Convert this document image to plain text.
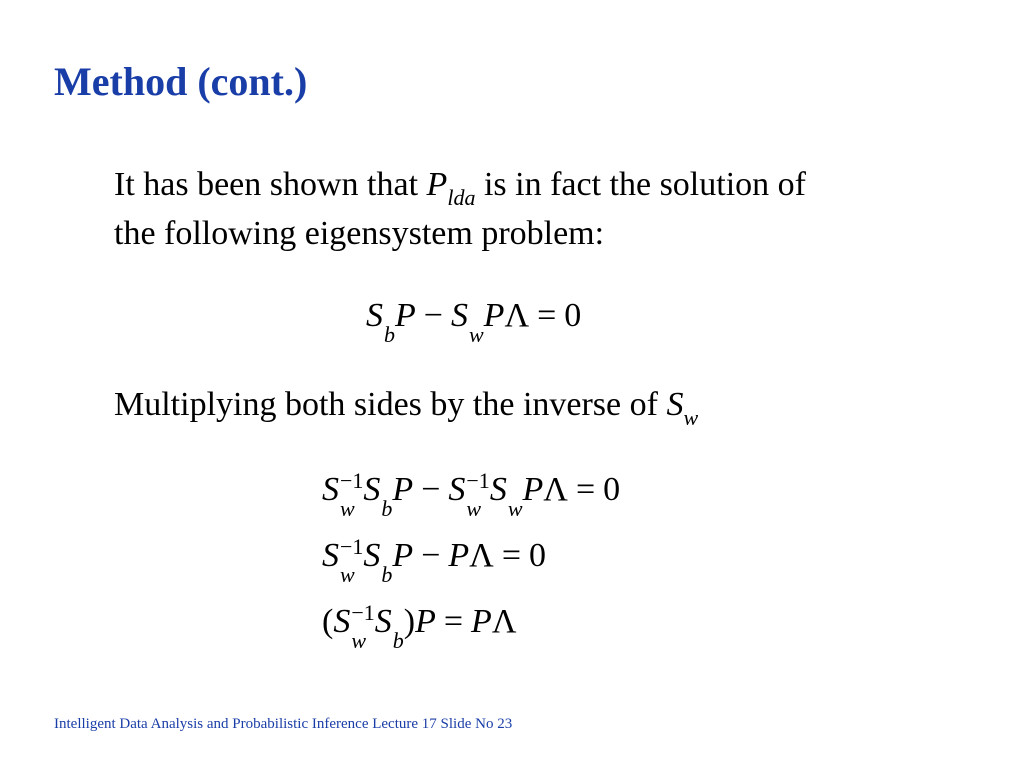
Method (cont.)
It has been shown that $P_{lda}$ is in fact the solution of
the following eigensystem problem:
S

b
P − S

w
PΛ = 0
Multiplying both sides by the inverse of $S_w$
S −1
w
S

b
P − S −1
w
S

w
PΛ = 0
S −1
w
S

b
P − PΛ = 0
(S −1
w
S

b
)P = PΛ
Intelligent Data Analysis and Probabilistic Inference Lecture 17 Slide No 23
